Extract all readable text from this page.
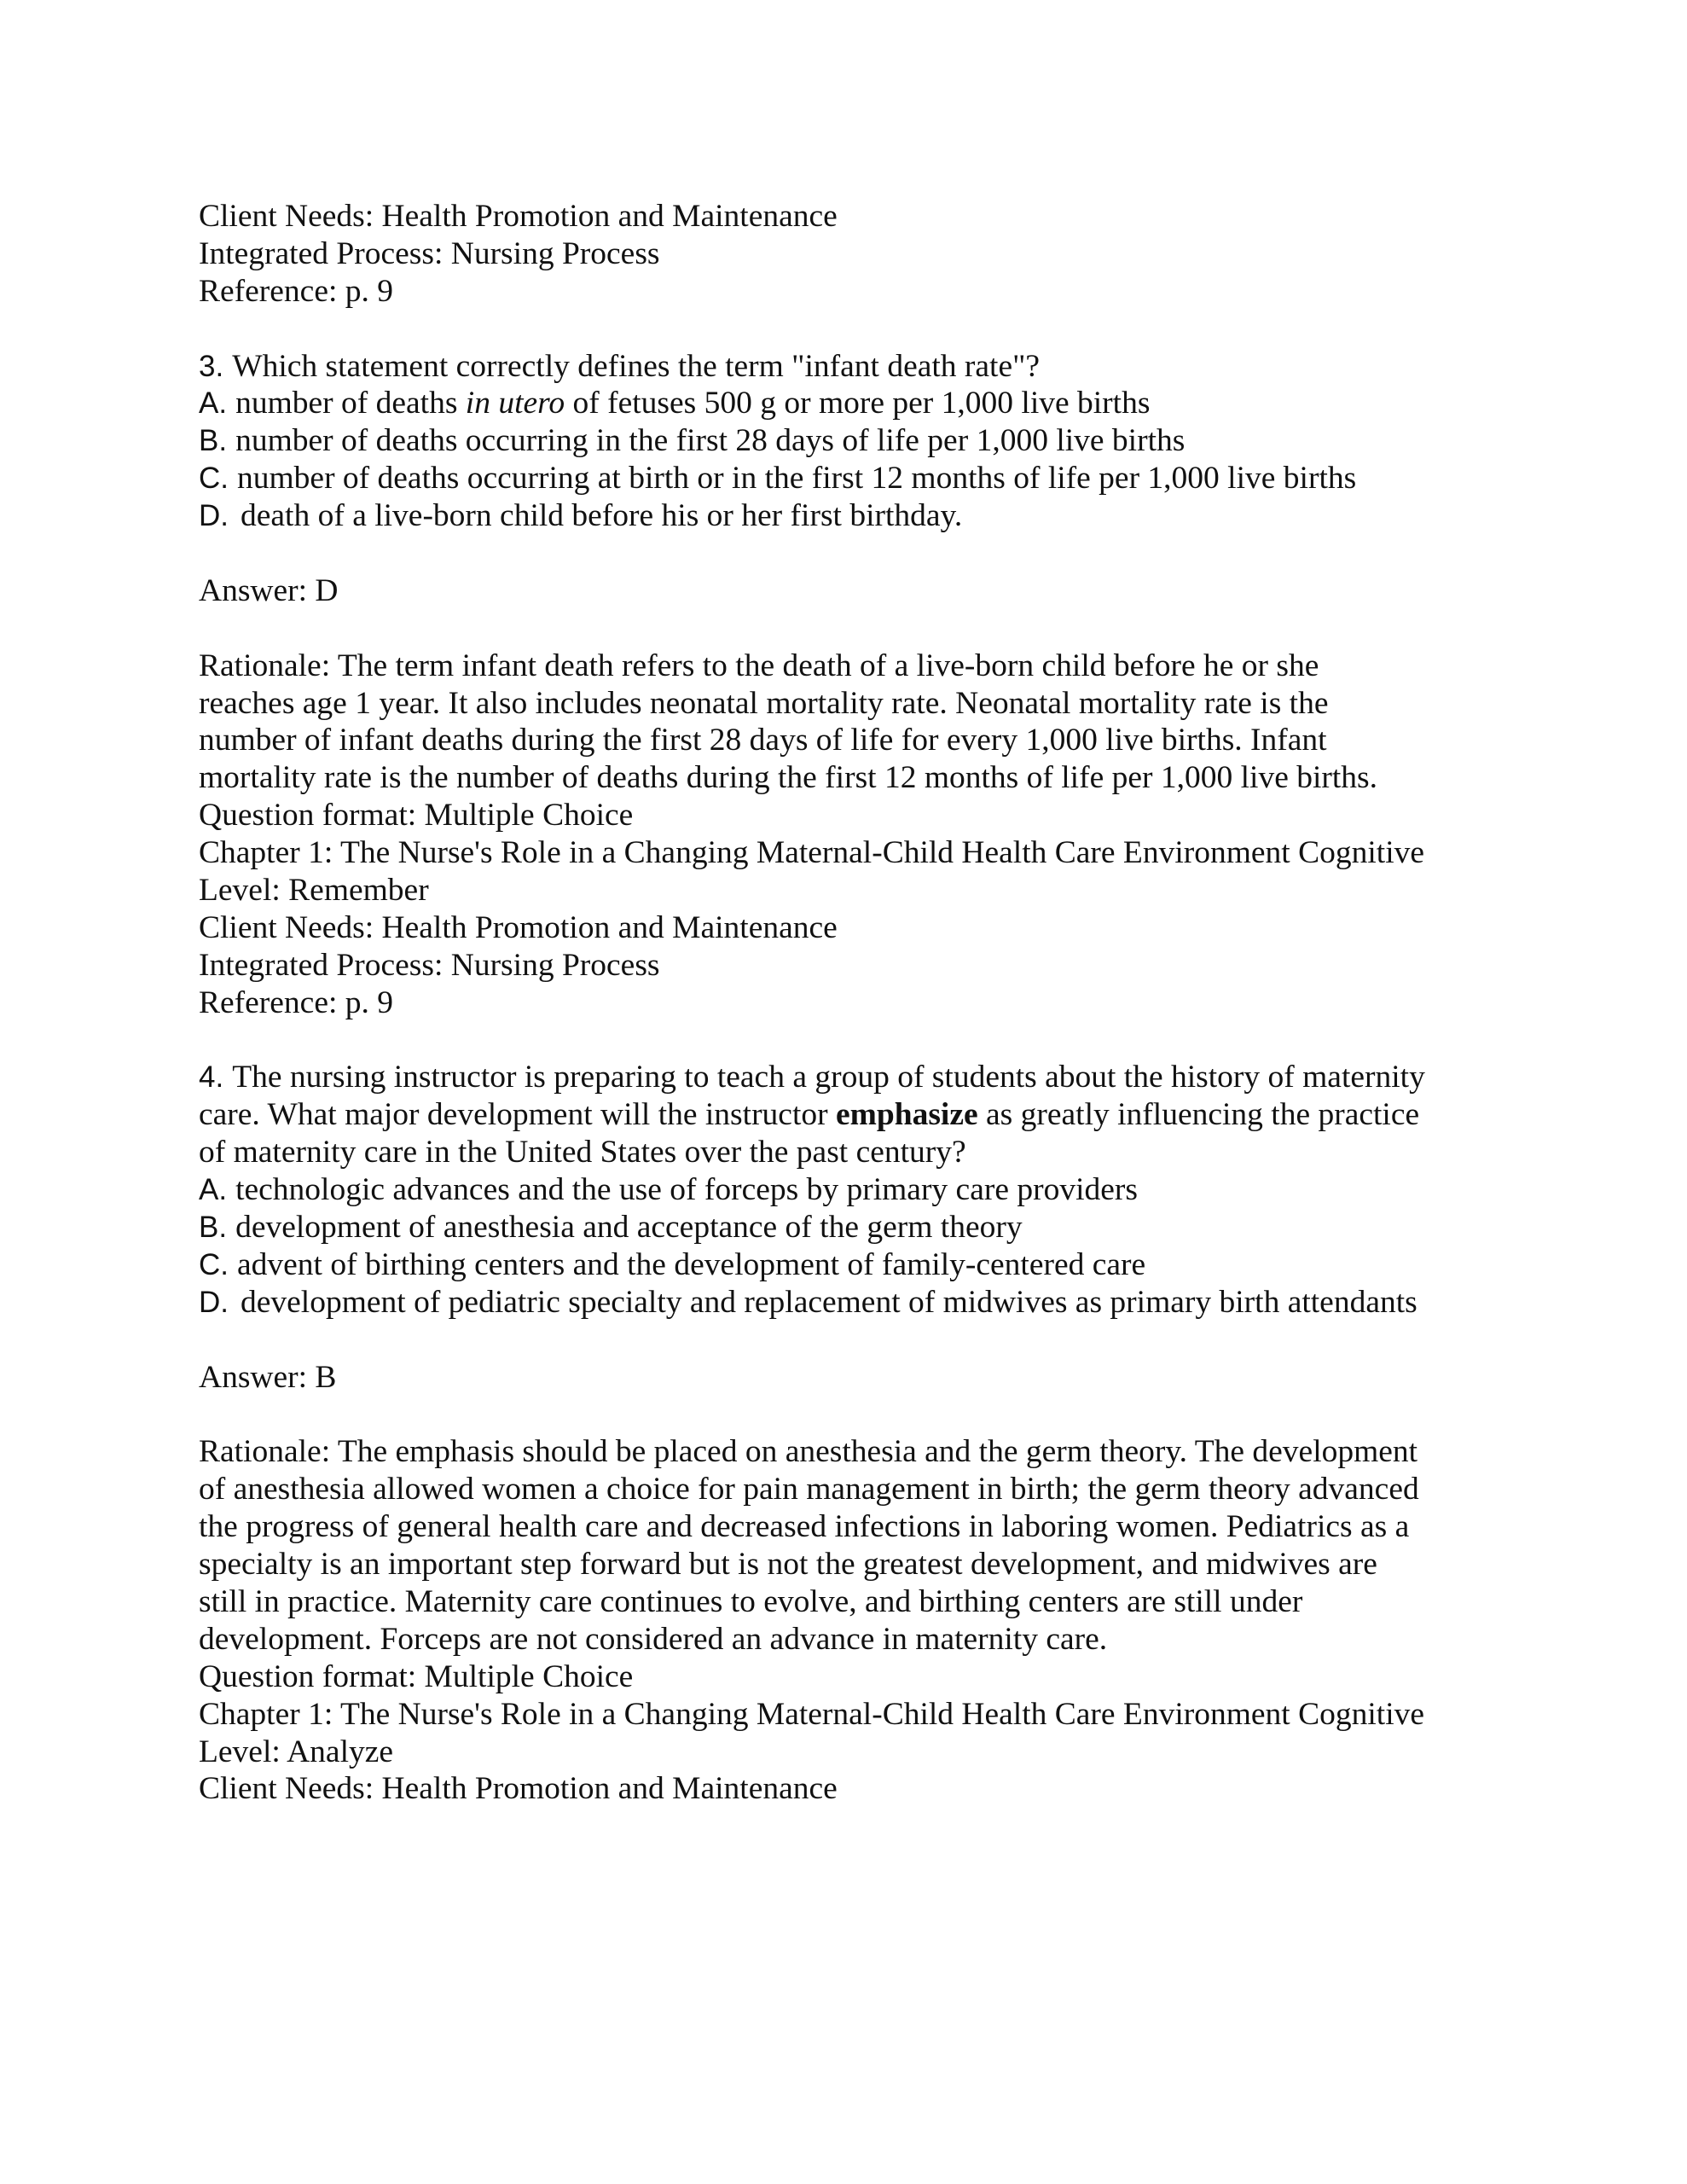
Client Needs: Health Promotion and Maintenance
Integrated Process: Nursing Process
Reference: p. 9
3. Which statement correctly defines the term "infant death rate"?
A. number of deaths in utero of fetuses 500 g or more per 1,000 live births
B. number of deaths occurring in the first 28 days of life per 1,000 live births
C. number of deaths occurring at birth or in the first 12 months of life per 1,000 live births
D. death of a live-born child before his or her first birthday.
Answer: D
Rationale: The term infant death refers to the death of a live-born child before he or she
reaches age 1 year. It also includes neonatal mortality rate. Neonatal mortality rate is the
number of infant deaths during the first 28 days of life for every 1,000 live births. Infant
mortality rate is the number of deaths during the first 12 months of life per 1,000 live births.
Question format: Multiple Choice
Chapter 1: The Nurse's Role in a Changing Maternal-Child Health Care Environment Cognitive
Level: Remember
Client Needs: Health Promotion and Maintenance
Integrated Process: Nursing Process
Reference: p. 9
4. The nursing instructor is preparing to teach a group of students about the history of maternity
care. What major development will the instructor emphasize as greatly influencing the practice
of maternity care in the United States over the past century?
A. technologic advances and the use of forceps by primary care providers
B. development of anesthesia and acceptance of the germ theory
C. advent of birthing centers and the development of family-centered care
D. development of pediatric specialty and replacement of midwives as primary birth attendants
Answer: B
Rationale: The emphasis should be placed on anesthesia and the germ theory. The development
of anesthesia allowed women a choice for pain management in birth; the germ theory advanced
the progress of general health care and decreased infections in laboring women. Pediatrics as a
specialty is an important step forward but is not the greatest development, and midwives are
still in practice. Maternity care continues to evolve, and birthing centers are still under
development. Forceps are not considered an advance in maternity care.
Question format: Multiple Choice
Chapter 1: The Nurse's Role in a Changing Maternal-Child Health Care Environment Cognitive
Level: Analyze
Client Needs: Health Promotion and Maintenance
